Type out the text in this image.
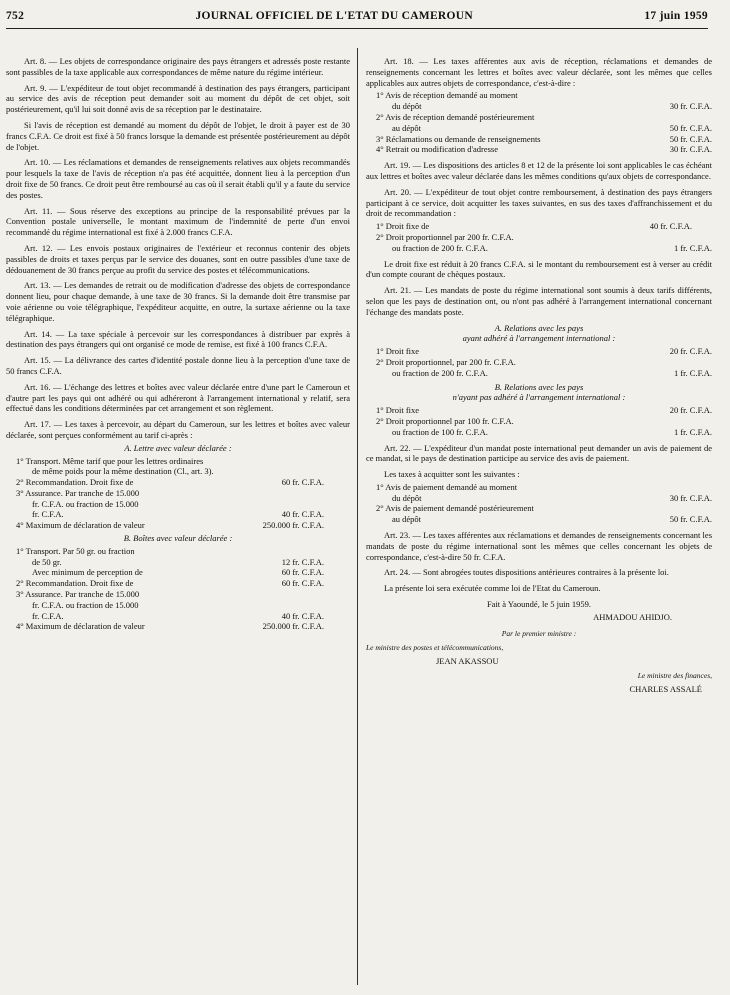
752	JOURNAL OFFICIEL DE L'ETAT DU CAMEROUN	17 juin 1959

Art. 8. — Les objets de correspondance originaire des pays étrangers et adressés poste restante sont passibles de la taxe applicable aux correspondances de même nature du régime intérieur.

Art. 9. — L'expéditeur de tout objet recommandé à destination des pays étrangers, participant au service des avis de réception peut demander soit au moment du dépôt de cet objet, soit postérieurement, qu'il lui soit donné avis de sa réception par le destinataire.

Si l'avis de réception est demandé au moment du dépôt de l'objet, le droit à payer est de 30 francs C.F.A. Ce droit est fixé à 50 francs lorsque la demande est présentée postérieurement au dépôt de l'objet.

Art. 10. — Les réclamations et demandes de renseignements relatives aux objets recommandés pour lesquels la taxe de l'avis de réception n'a pas été acquittée, donnent lieu à la perception d'un droit fixe de 50 francs. Ce droit peut être remboursé au cas où il serait établi qu'il y a faute du service des postes.

Art. 11. — Sous réserve des exceptions au principe de la responsabilité prévues par la Convention postale universelle, le montant maximum de l'indemnité de perte d'un envoi recommandé du régime international est fixé à 2.000 francs C.F.A.

Art. 12. — Les envois postaux originaires de l'extérieur et reconnus contenir des objets passibles de droits et taxes perçus par le service des douanes, sont en outre passibles d'une taxe de dédouanement de 30 francs perçue au profit du service des postes et télécommunications.

Art. 13. — Les demandes de retrait ou de modification d'adresse des objets de correspondance donnent lieu, pour chaque demande, à une taxe de 30 francs. Si la demande doit être transmise par voie aérienne ou voie télégraphique, l'expéditeur acquitte, en outre, la surtaxe aérienne ou la taxe télégraphique.

Art. 14. — La taxe spéciale à percevoir sur les correspondances à distribuer par exprès à destination des pays étrangers qui ont organisé ce mode de remise, est fixé à 100 francs C.F.A.

Art. 15. — La délivrance des cartes d'identité postale donne lieu à la perception d'une taxe de 50 francs C.F.A.

Art. 16. — L'échange des lettres et boîtes avec valeur déclarée entre d'une part le Cameroun et d'autre part les pays qui ont adhéré ou qui adhéreront à l'arrangement international y relatif, sera effectué dans les conditions déterminées par cet arrangement et son règlement.

Art. 17. — Les taxes à percevoir, au départ du Cameroun, sur les lettres et boîtes avec valeur déclarée, sont perçues conformément au tarif ci-après :

A. Lettre avec valeur déclarée :
1° Transport. Même tarif que pour les lettres ordinaires
de même poids pour la même destination (Cl., art. 3).
2° Recommandation. Droit fixe de	60 fr. C.F.A.
3° Assurance. Par tranche de 15.000
fr. C.F.A. ou fraction de 15.000
fr. C.F.A.	40 fr. C.F.A.
4° Maximum de déclaration de valeur	250.000 fr. C.F.A.
B. Boîtes avec valeur déclarée :
1° Transport. Par 50 gr. ou fraction
de 50 gr.	12 fr. C.F.A.
Avec minimum de perception de	60 fr. C.F.A.
2° Recommandation. Droit fixe de	60 fr. C.F.A.
3° Assurance. Par tranche de 15.000
fr. C.F.A. ou fraction de 15.000
fr. C.F.A.	40 fr. C.F.A.
4° Maximum de déclaration de valeur	250.000 fr. C.F.A.

Art. 18. — Les taxes afférentes aux avis de réception, réclamations et demandes de renseignements concernant les lettres et boîtes avec valeur déclarée, sont les mêmes que celles applicables aux autres objets de correspondance, c'est-à-dire :

1° Avis de réception demandé au moment
du dépôt	30 fr. C.F.A.
2° Avis de réception demandé postérieurement
au dépôt	50 fr. C.F.A.
3° Réclamations ou demande de renseignements	50 fr. C.F.A.
4° Retrait ou modification d'adresse	30 fr. C.F.A.

Art. 19. — Les dispositions des articles 8 et 12 de la présente loi sont applicables le cas échéant aux lettres et boîtes avec valeur déclarée dans les mêmes conditions qu'aux objets de correspondance.

Art. 20. — L'expéditeur de tout objet contre remboursement, à destination des pays étrangers participant à ce service, doit acquitter les taxes suivantes, en sus des taxes d'affranchissement et du droit de recommandation :

1° Droit fixe de	40 fr. C.F.A.
2° Droit proportionnel par 200 fr. C.F.A.
ou fraction de 200 fr. C.F.A.	1 fr. C.F.A.

Le droit fixe est réduit à 20 francs C.F.A. si le montant du remboursement est à verser au crédit d'un compte courant de chèques postaux.

Art. 21. — Les mandats de poste du régime international sont soumis à deux tarifs différents, selon que les pays de destination ont, ou n'ont pas adhéré à l'arrangement international concernant l'échange des mandats poste.

A. Relations avec les pays
ayant adhéré à l'arrangement international :
1° Droit fixe	20 fr. C.F.A.
2° Droit proportionnel, par 200 fr. C.F.A.
ou fraction de 200 fr. C.F.A.	1 fr. C.F.A.
B. Relations avec les pays
n'ayant pas adhéré à l'arrangement international :
1° Droit fixe	20 fr. C.F.A.
2° Droit proportionnel par 100 fr. C.F.A.
ou fraction de 100 fr. C.F.A.	1 fr. C.F.A.

Art. 22. — L'expéditeur d'un mandat poste international peut demander un avis de paiement de ce mandat, si le pays de destination participe au service des avis de paiement.

Les taxes à acquitter sont les suivantes :

1° Avis de paiement demandé au moment
du dépôt	30 fr. C.F.A.
2° Avis de paiement demandé postérieurement
au dépôt	50 fr. C.F.A.

Art. 23. — Les taxes afférentes aux réclamations et demandes de renseignements concernant les mandats de poste du régime international sont les mêmes que celles concernant les objets de correspondance, c'est-à-dire 50 fr. C.F.A.

Art. 24. — Sont abrogées toutes dispositions antérieures contraires à la présente loi.

La présente loi sera exécutée comme loi de l'Etat du Cameroun.

Fait à Yaoundé, le 5 juin 1959.
AHMADOU AHIDJO.
Par le premier ministre :
Le ministre des postes et télécommunications,
JEAN AKASSOU
Le ministre des finances,
CHARLES ASSALÉ
